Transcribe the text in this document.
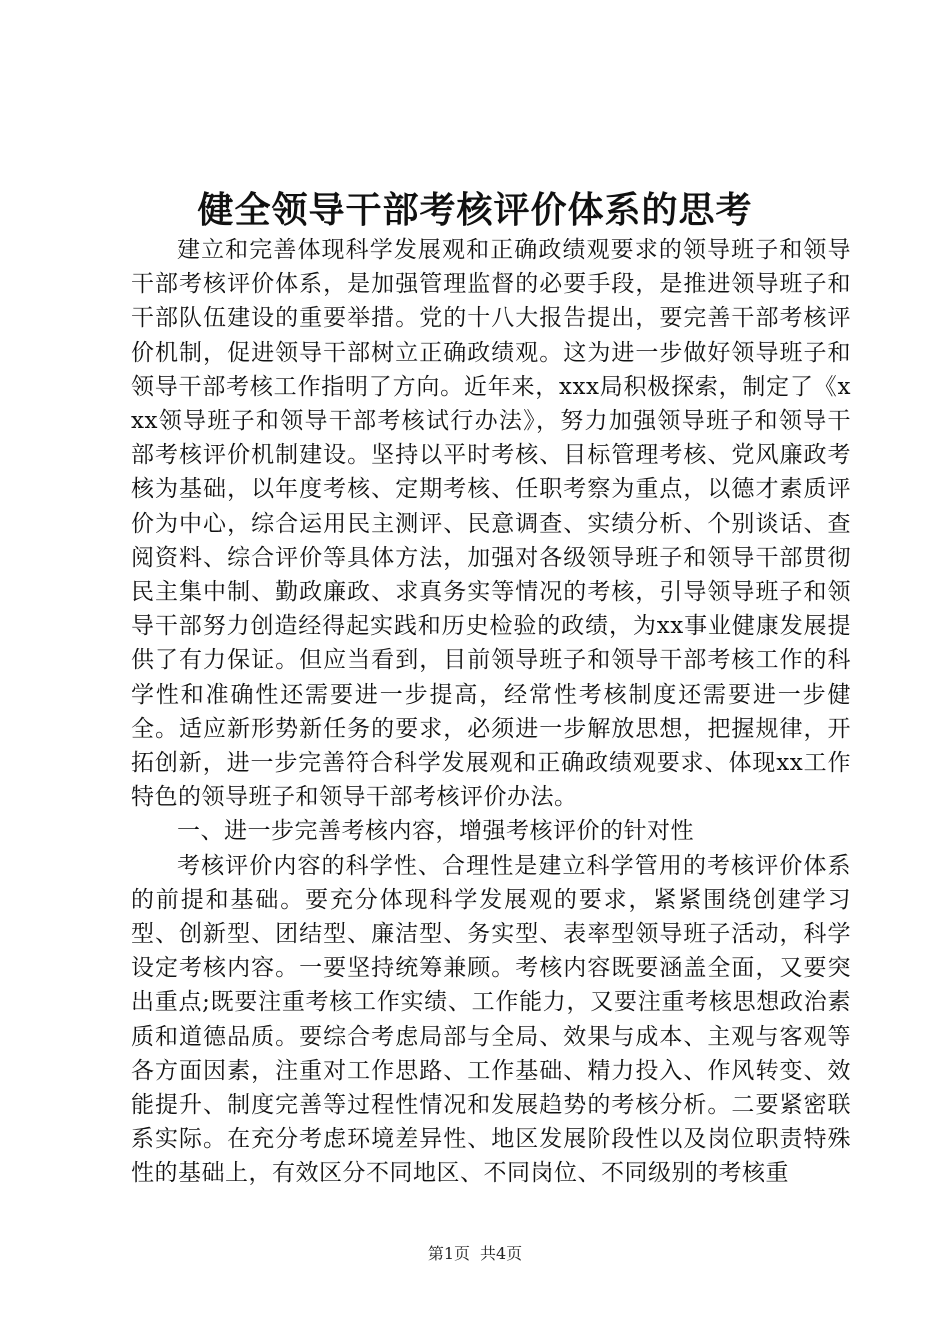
健全领导干部考核评价体系的思考

建立和完善体现科学发展观和正确政绩观要求的领导班子和领导干部考核评价体系，是加强管理监督的必要手段，是推进领导班子和干部队伍建设的重要举措。党的十八大报告提出，要完善干部考核评价机制，促进领导干部树立正确政绩观。这为进一步做好领导班子和领导干部考核工作指明了方向。近年来，xxx局积极探索，制定了《xxx领导班子和领导干部考核试行办法》，努力加强领导班子和领导干部考核评价机制建设。坚持以平时考核、目标管理考核、党风廉政考核为基础，以年度考核、定期考核、任职考察为重点，以德才素质评价为中心，综合运用民主测评、民意调查、实绩分析、个别谈话、查阅资料、综合评价等具体方法，加强对各级领导班子和领导干部贯彻民主集中制、勤政廉政、求真务实等情况的考核，引导领导班子和领导干部努力创造经得起实践和历史检验的政绩，为xx事业健康发展提供了有力保证。但应当看到，目前领导班子和领导干部考核工作的科学性和准确性还需要进一步提高，经常性考核制度还需要进一步健全。适应新形势新任务的要求，必须进一步解放思想，把握规律，开拓创新，进一步完善符合科学发展观和正确政绩观要求、体现xx工作特色的领导班子和领导干部考核评价办法。

一、进一步完善考核内容，增强考核评价的针对性

考核评价内容的科学性、合理性是建立科学管用的考核评价体系的前提和基础。要充分体现科学发展观的要求，紧紧围绕创建学习型、创新型、团结型、廉洁型、务实型、表率型领导班子活动，科学设定考核内容。一要坚持统筹兼顾。考核内容既要涵盖全面，又要突出重点;既要注重考核工作实绩、工作能力，又要注重考核思想政治素质和道德品质。要综合考虑局部与全局、效果与成本、主观与客观等各方面因素，注重对工作思路、工作基础、精力投入、作风转变、效能提升、制度完善等过程性情况和发展趋势的考核分析。二要紧密联系实际。在充分考虑环境差异性、地区发展阶段性以及岗位职责特殊性的基础上，有效区分不同地区、不同岗位、不同级别的考核重

第1页 共4页
